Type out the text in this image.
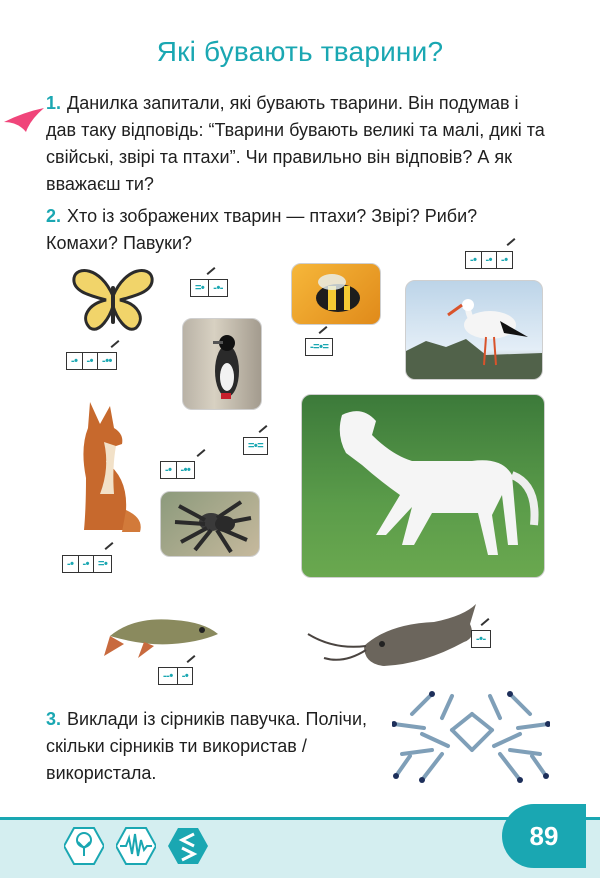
Які бувають тварини?

1. Данилка запитали, які бувають тварини. Він подумав і дав таку відповідь: “Тварини бувають великі та малі, дикі та свійські, звірі та птахи”. Чи правильно він відповів? А як вважаєш ти?

2. Хто із зображених тварин — птахи? Звірі? Риби? Комахи? Павуки?

-• -• -••
=• -•-
-=•=
-• -• -•
-• -• =•
-• -••
=•=
--• -•
-•-

3. Виклади із сірників павучка. Полічи, скільки сірників ти використав / використала.

89
